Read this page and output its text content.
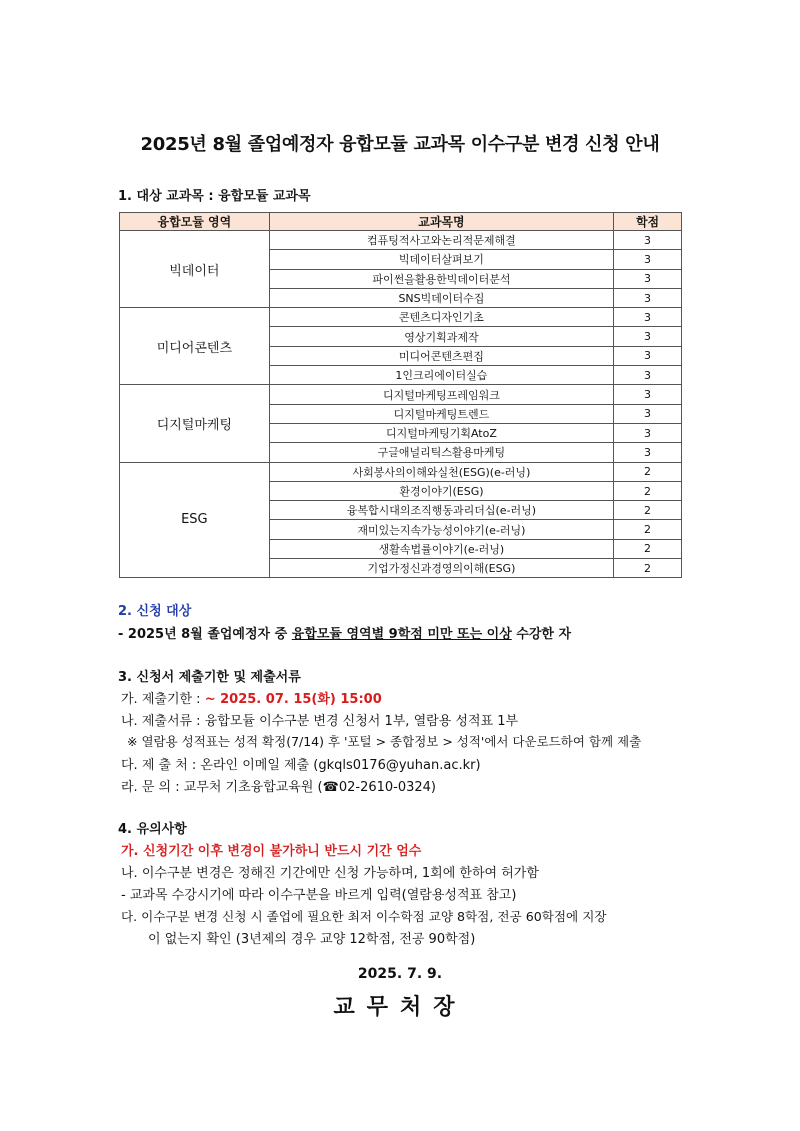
2025년 8월 졸업예정자 융합모듈 교과목 이수구분 변경 신청 안내
1. 대상 교과목 : 융합모듈 교과목
융합모듈 영역	교과목명	학점
빅데이터	컴퓨팅적사고와논리적문제해결	3
	빅데이터살펴보기	3
	파이썬을활용한빅데이터분석	3
	SNS빅데이터수집	3
미디어콘텐츠	콘텐츠디자인기초	3
	영상기획과제작	3
	미디어콘텐츠편집	3
	1인크리에이터실습	3
디지털마케팅	디지털마케팅프레임워크	3
	디지털마케팅트렌드	3
	디지털마케팅기획AtoZ	3
	구글애널리틱스활용마케팅	3
ESG	사회봉사의이해와실천(ESG)(e-러닝)	2
	환경이야기(ESG)	2
	융복합시대의조직행동과리더십(e-러닝)	2
	재미있는지속가능성이야기(e-러닝)	2
	생활속법률이야기(e-러닝)	2
	기업가정신과경영의이해(ESG)	2
2. 신청 대상
- 2025년 8월 졸업예정자 중 융합모듈 영역별 9학점 미만 또는 이상 수강한 자
3. 신청서 제출기한 및 제출서류
가. 제출기한 : ~ 2025. 07. 15(화) 15:00
나. 제출서류 : 융합모듈 이수구분 변경 신청서 1부, 열람용 성적표 1부
※ 열람용 성적표는 성적 확정(7/14) 후 '포털 > 종합정보 > 성적'에서 다운로드하여 함께 제출
다. 제 출 처 : 온라인 이메일 제출 (gkqls0176@yuhan.ac.kr)
라. 문 의 : 교무처 기초융합교육원 (☎02-2610-0324)
4. 유의사항
가. 신청기간 이후 변경이 불가하니 반드시 기간 엄수
나. 이수구분 변경은 정해진 기간에만 신청 가능하며, 1회에 한하여 허가함
- 교과목 수강시기에 따라 이수구분을 바르게 입력(열람용성적표 참고)
다. 이수구분 변경 신청 시 졸업에 필요한 최저 이수학점 교양 8학점, 전공 60학점에 지장
이 없는지 확인 (3년제의 경우 교양 12학점, 전공 90학점)
2025. 7. 9.
교무처장
